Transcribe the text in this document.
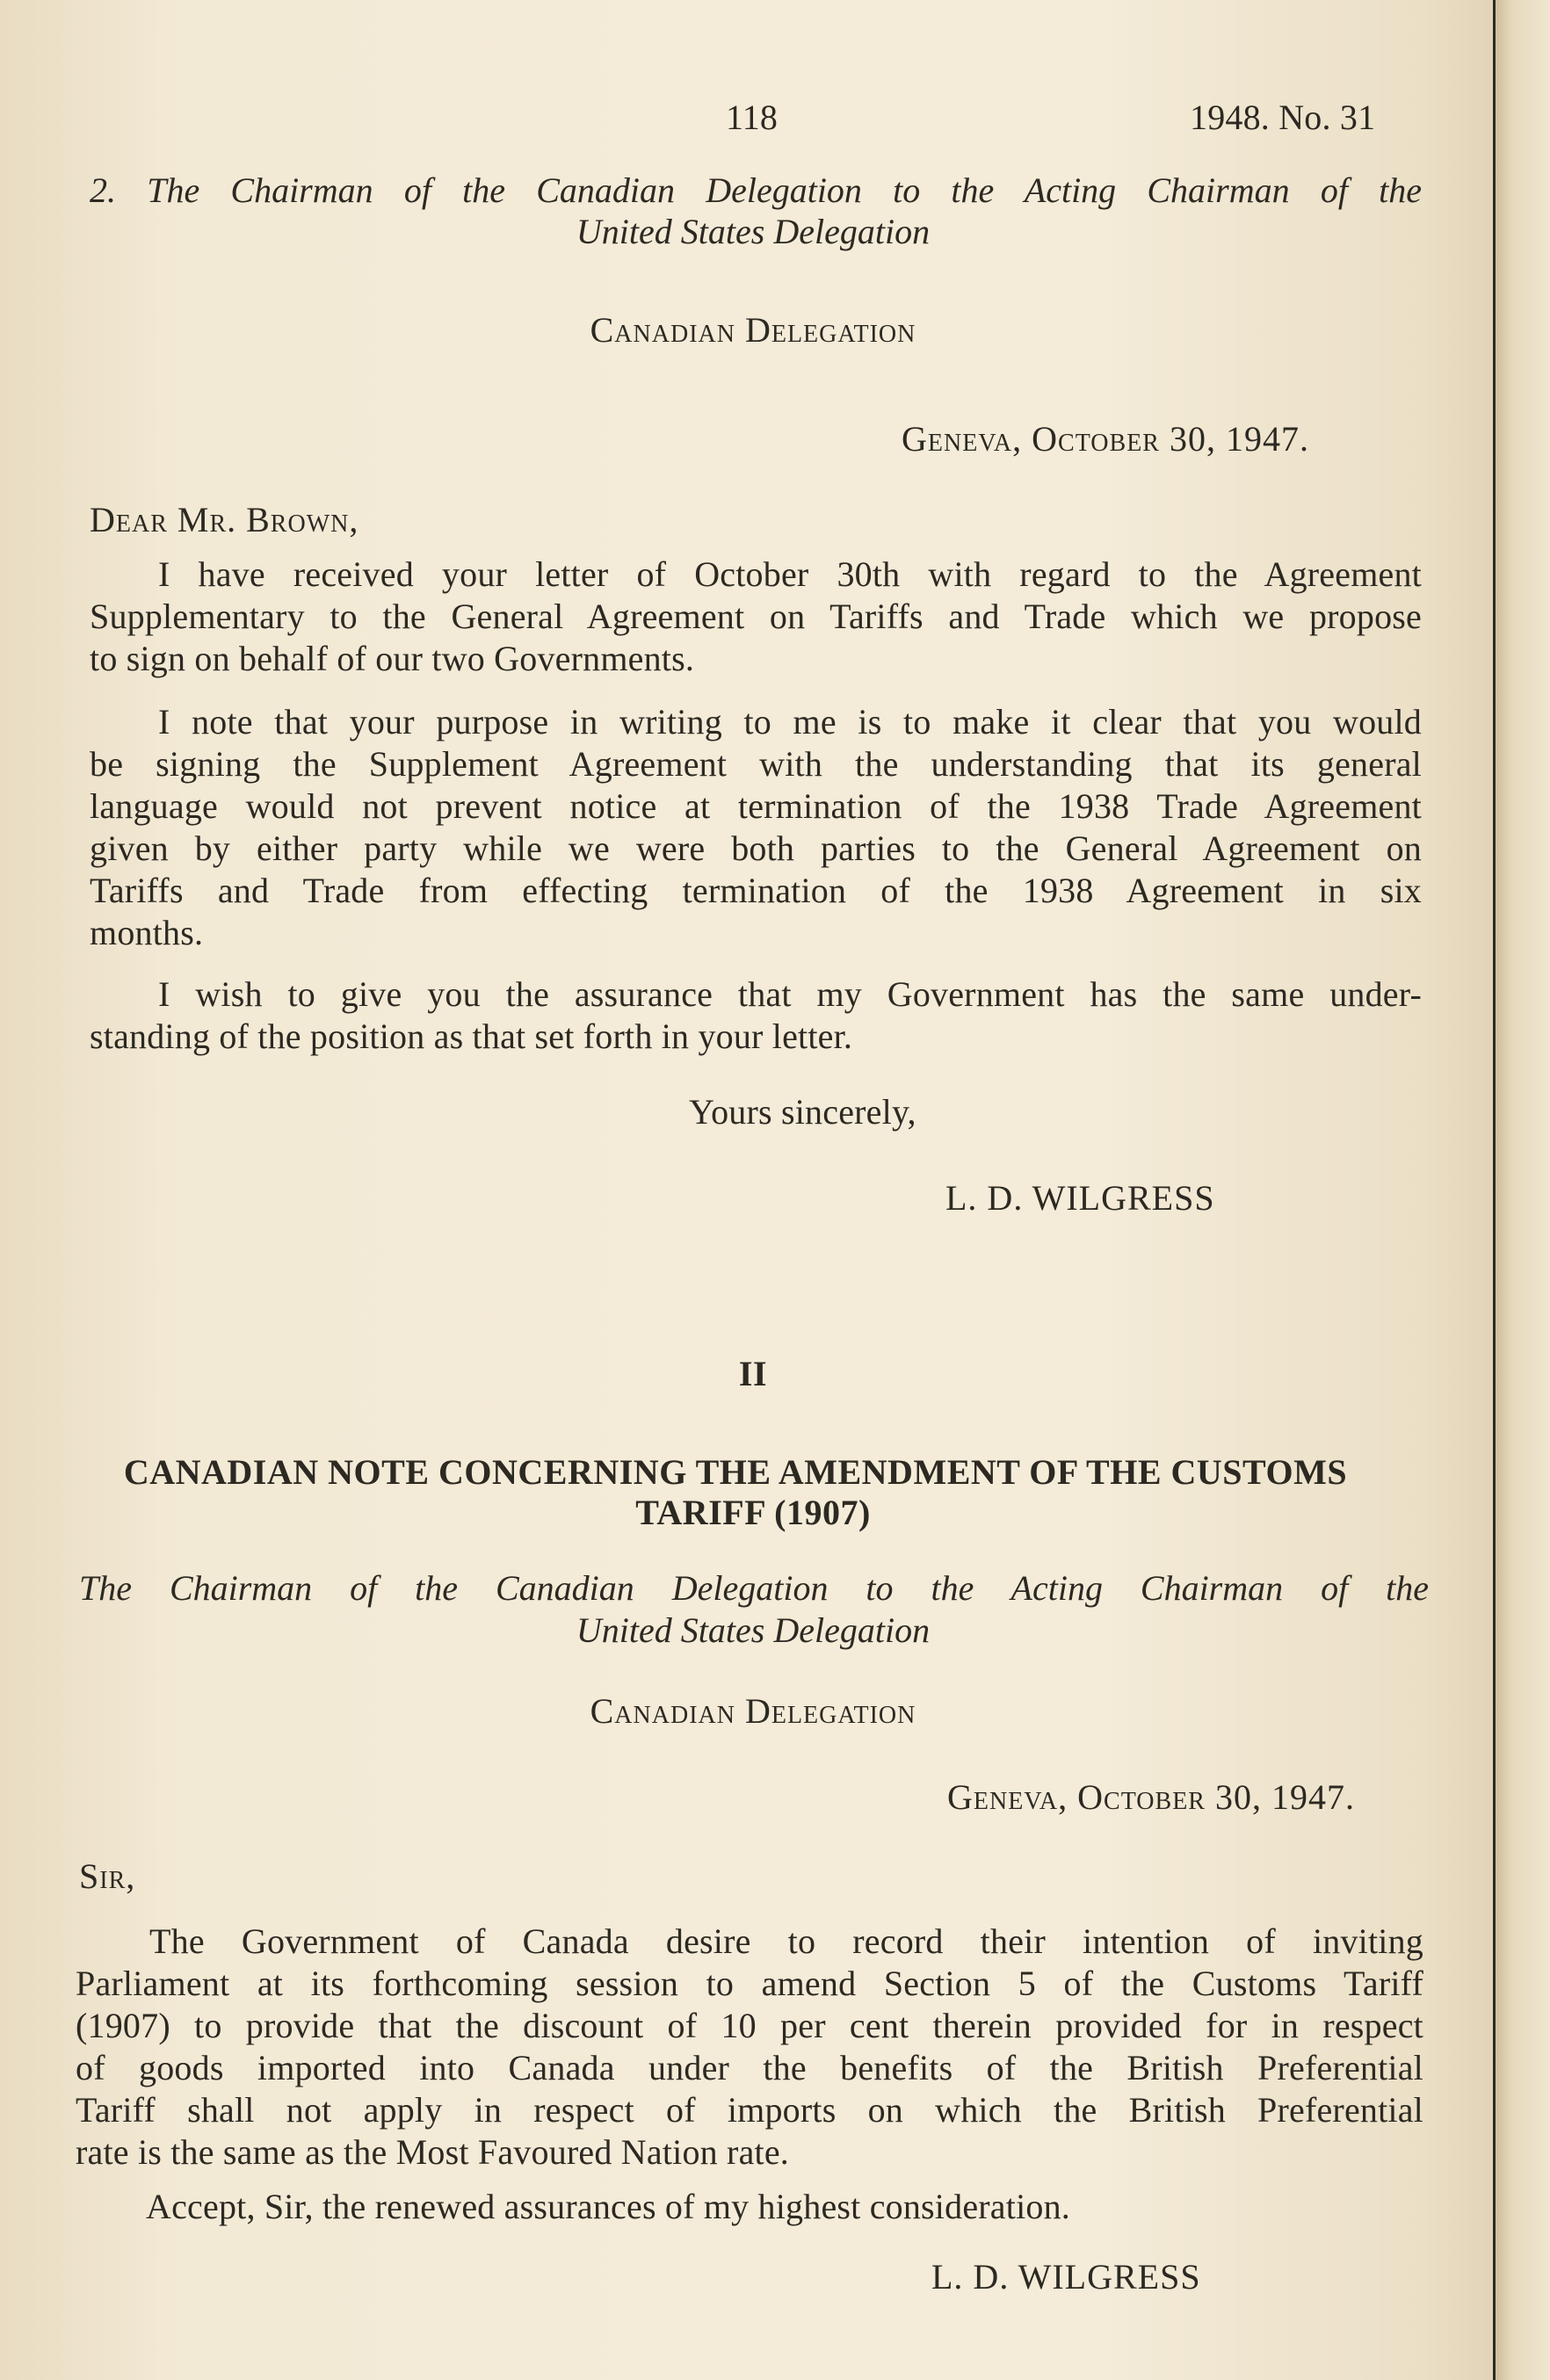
118	1948. No. 31
2. The Chairman of the Canadian Delegation to the Acting Chairman of the
United States Delegation
Canadian Delegation
Geneva, October 30, 1947.
Dear Mr. Brown,
I have received your letter of October 30th with regard to the Agreement
Supplementary to the General Agreement on Tariffs and Trade which we propose
to sign on behalf of our two Governments.
I note that your purpose in writing to me is to make it clear that you would
be signing the Supplement Agreement with the understanding that its general
language would not prevent notice at termination of the 1938 Trade Agreement
given by either party while we were both parties to the General Agreement on
Tariffs and Trade from effecting termination of the 1938 Agreement in six
months.
I wish to give you the assurance that my Government has the same under-
standing of the position as that set forth in your letter.
Yours sincerely,
L. D. WILGRESS
II
CANADIAN NOTE CONCERNING THE AMENDMENT OF THE CUSTOMS
TARIFF (1907)
The Chairman of the Canadian Delegation to the Acting Chairman of the
United States Delegation
Canadian Delegation
Geneva, October 30, 1947.
Sir,
The Government of Canada desire to record their intention of inviting
Parliament at its forthcoming session to amend Section 5 of the Customs Tariff
(1907) to provide that the discount of 10 per cent therein provided for in respect
of goods imported into Canada under the benefits of the British Preferential
Tariff shall not apply in respect of imports on which the British Preferential
rate is the same as the Most Favoured Nation rate.
Accept, Sir, the renewed assurances of my highest consideration.
L. D. WILGRESS
